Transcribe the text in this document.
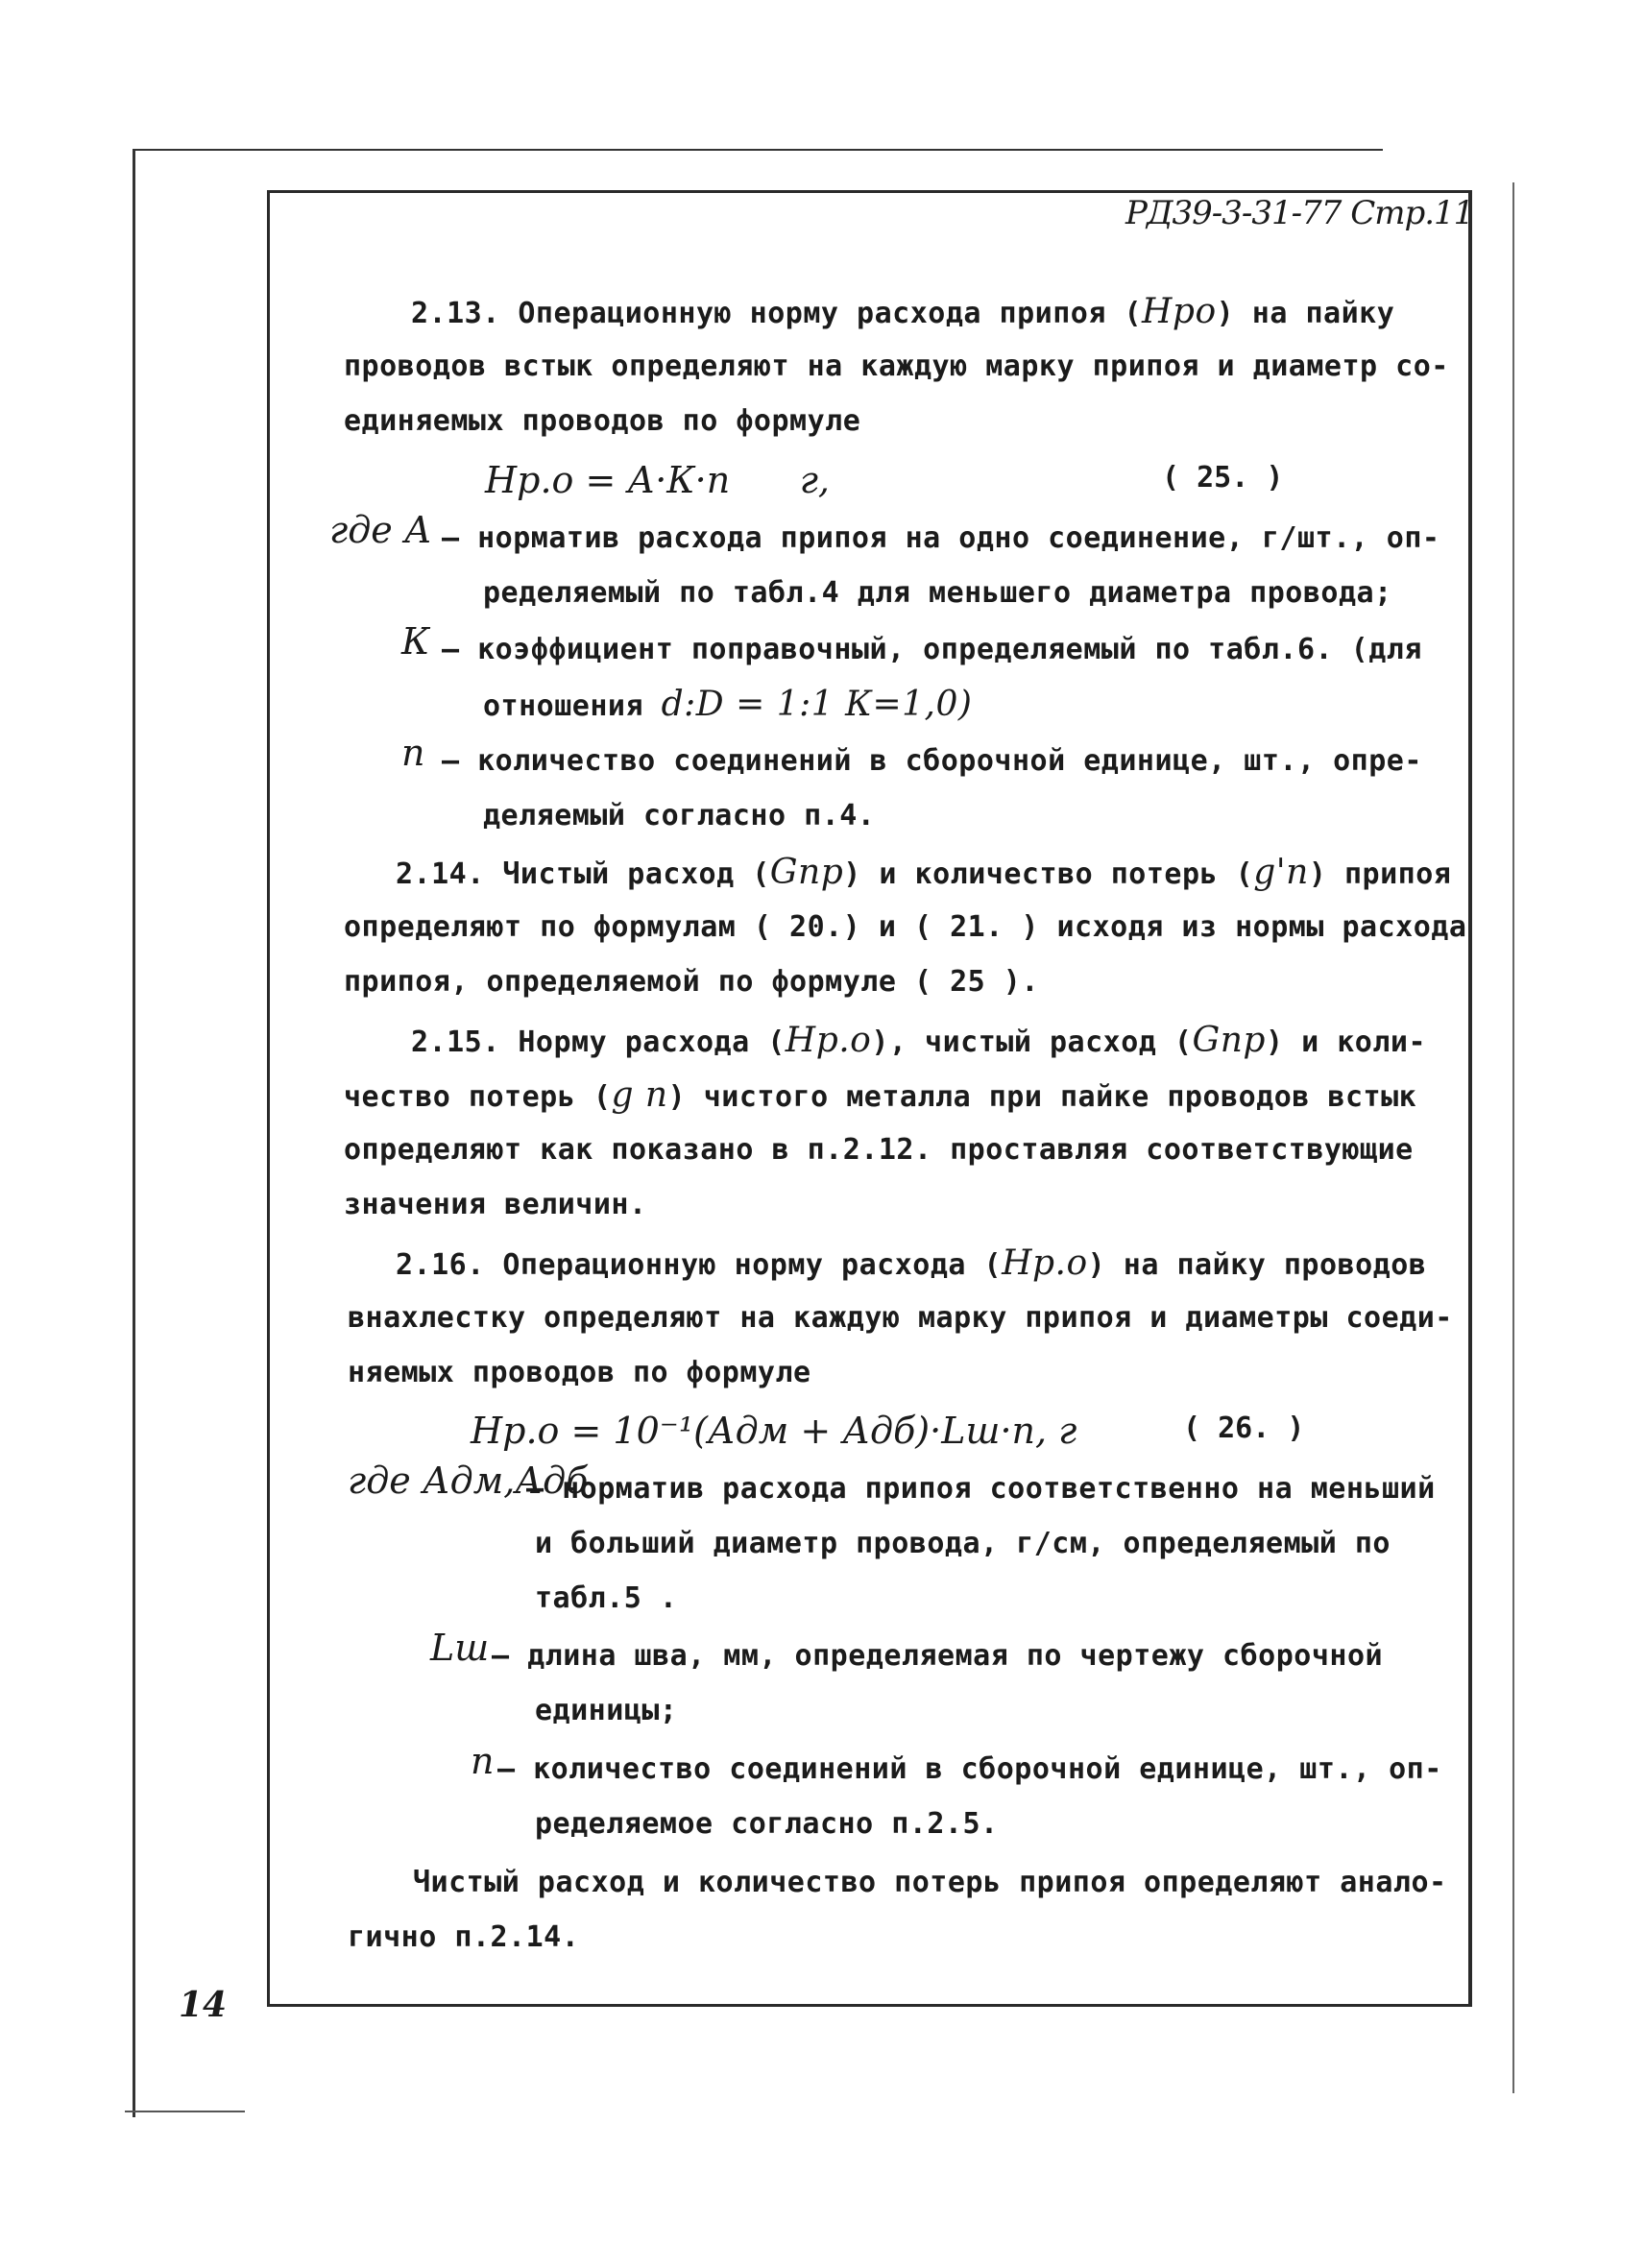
РД39-3-31-77 Стр.11
2.13. Операционную норму расхода припоя (Нро) на пайку
проводов встык определяют на каждую марку припоя и диаметр со-
единяемых проводов по формуле
Нр.о = А·К·п      г,	( 25. )
где А – норматив расхода припоя на одно соединение, г/шт., оп-
ределяемый по табл.4 для меньшего диаметра провода;
К – коэффициент поправочный, определяемый по табл.6. (для
отношения d:D = 1:1 К=1,0)
п – количество соединений в сборочной единице, шт., опре-
деляемый согласно п.4.
2.14. Чистый расход (Gпр) и количество потерь (g'п) припоя
определяют по формулам ( 20.) и ( 21. ) исходя из нормы расхода
припоя, определяемой по формуле ( 25 ).
2.15. Норму расхода (Нр.о), чистый расход (Gпр) и коли-
чество потерь (g п) чистого металла при пайке проводов встык
определяют как показано в п.2.12. проставляя соответствующие
значения величин.
2.16. Операционную норму расхода (Нр.о) на пайку проводов
внахлестку определяют на каждую марку припоя и диаметры соеди-
няемых проводов по формуле
Нр.о = 10⁻¹(Адм + Адб)·Lш·п, г	( 26. )
где Адм,Адб
– норматив расхода припоя соответственно на меньший
и больший диаметр провода, г/см, определяемый по
табл.5 .
Lш – длина шва, мм, определяемая по чертежу сборочной
единицы;
п – количество соединений в сборочной единице, шт., оп-
ределяемое согласно п.2.5.
Чистый расход и количество потерь припоя определяют анало-
гично п.2.14.
14
